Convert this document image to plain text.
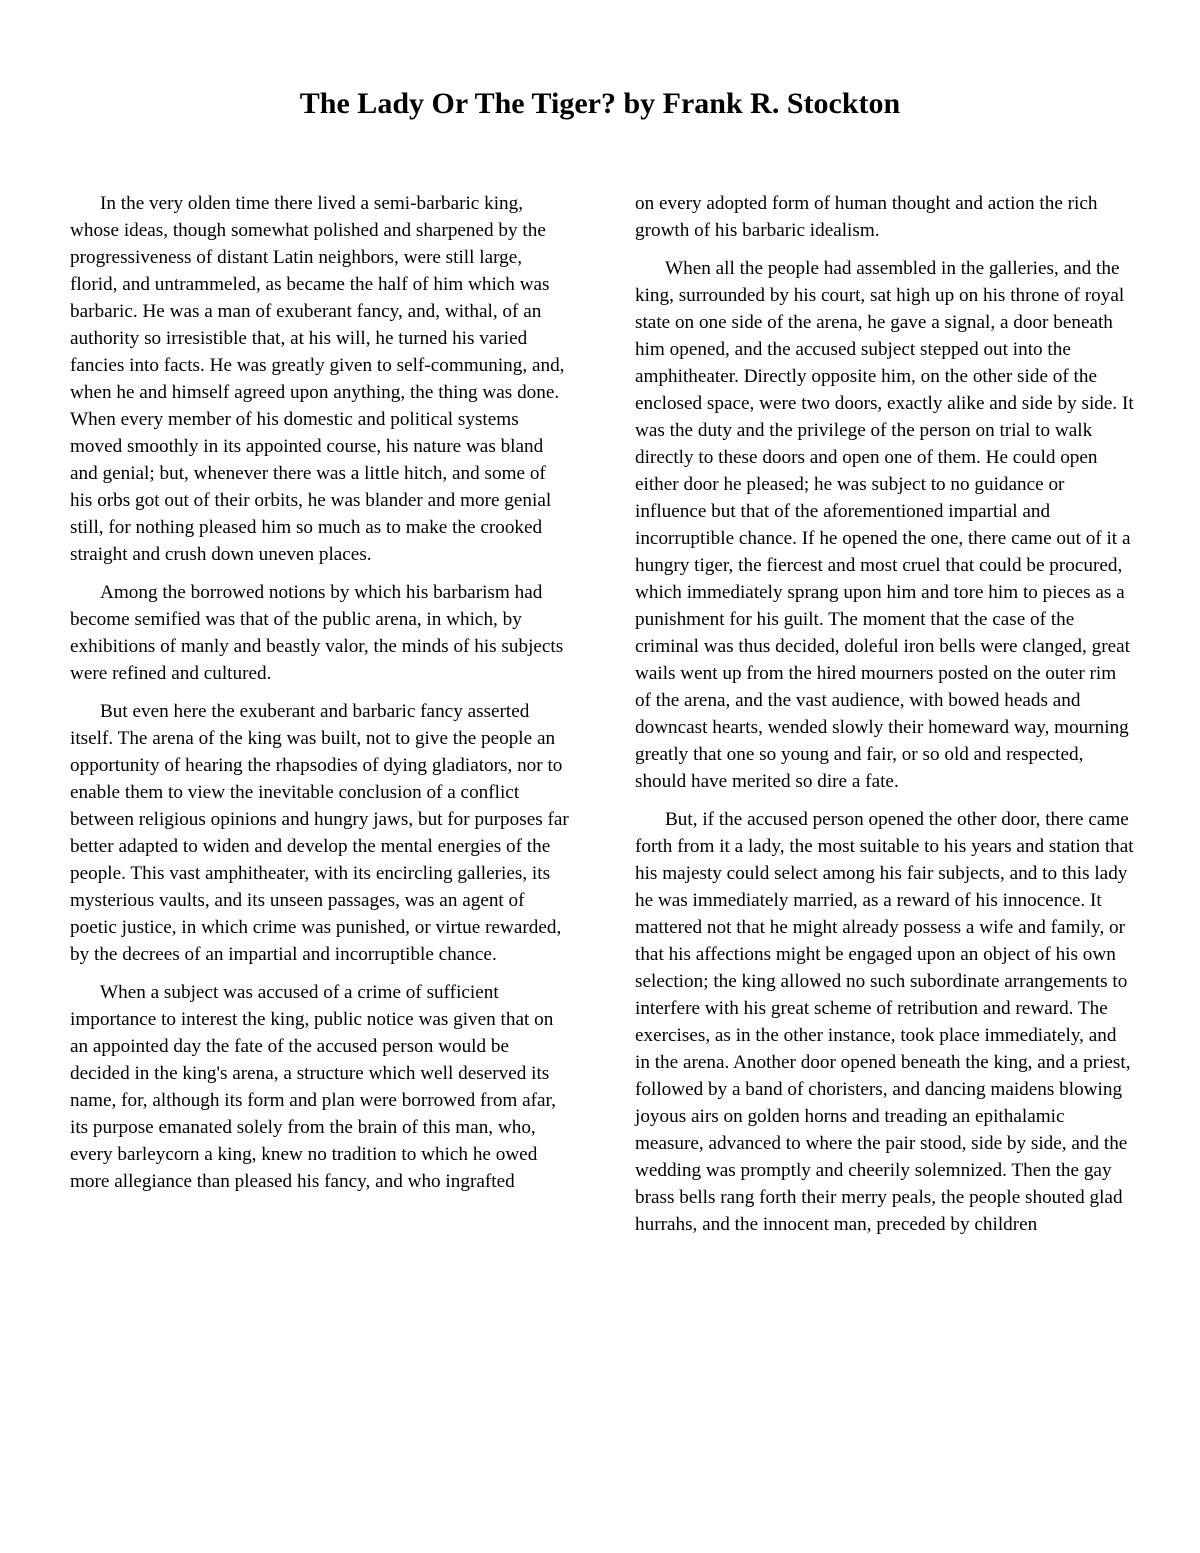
The Lady Or The Tiger? by Frank R. Stockton

In the very olden time there lived a semi-barbaric king, whose ideas, though somewhat polished and sharpened by the progressiveness of distant Latin neighbors, were still large, florid, and untrammeled, as became the half of him which was barbaric. He was a man of exuberant fancy, and, withal, of an authority so irresistible that, at his will, he turned his varied fancies into facts. He was greatly given to self-communing, and, when he and himself agreed upon anything, the thing was done. When every member of his domestic and political systems moved smoothly in its appointed course, his nature was bland and genial; but, whenever there was a little hitch, and some of his orbs got out of their orbits, he was blander and more genial still, for nothing pleased him so much as to make the crooked straight and crush down uneven places.

Among the borrowed notions by which his barbarism had become semified was that of the public arena, in which, by exhibitions of manly and beastly valor, the minds of his subjects were refined and cultured.

But even here the exuberant and barbaric fancy asserted itself. The arena of the king was built, not to give the people an opportunity of hearing the rhapsodies of dying gladiators, nor to enable them to view the inevitable conclusion of a conflict between religious opinions and hungry jaws, but for purposes far better adapted to widen and develop the mental energies of the people. This vast amphitheater, with its encircling galleries, its mysterious vaults, and its unseen passages, was an agent of poetic justice, in which crime was punished, or virtue rewarded, by the decrees of an impartial and incorruptible chance.

When a subject was accused of a crime of sufficient importance to interest the king, public notice was given that on an appointed day the fate of the accused person would be decided in the king's arena, a structure which well deserved its name, for, although its form and plan were borrowed from afar, its purpose emanated solely from the brain of this man, who, every barleycorn a king, knew no tradition to which he owed more allegiance than pleased his fancy, and who ingrafted

on every adopted form of human thought and action the rich growth of his barbaric idealism.

When all the people had assembled in the galleries, and the king, surrounded by his court, sat high up on his throne of royal state on one side of the arena, he gave a signal, a door beneath him opened, and the accused subject stepped out into the amphitheater. Directly opposite him, on the other side of the enclosed space, were two doors, exactly alike and side by side. It was the duty and the privilege of the person on trial to walk directly to these doors and open one of them. He could open either door he pleased; he was subject to no guidance or influence but that of the aforementioned impartial and incorruptible chance. If he opened the one, there came out of it a hungry tiger, the fiercest and most cruel that could be procured, which immediately sprang upon him and tore him to pieces as a punishment for his guilt. The moment that the case of the criminal was thus decided, doleful iron bells were clanged, great wails went up from the hired mourners posted on the outer rim of the arena, and the vast audience, with bowed heads and downcast hearts, wended slowly their homeward way, mourning greatly that one so young and fair, or so old and respected, should have merited so dire a fate.

But, if the accused person opened the other door, there came forth from it a lady, the most suitable to his years and station that his majesty could select among his fair subjects, and to this lady he was immediately married, as a reward of his innocence. It mattered not that he might already possess a wife and family, or that his affections might be engaged upon an object of his own selection; the king allowed no such subordinate arrangements to interfere with his great scheme of retribution and reward. The exercises, as in the other instance, took place immediately, and in the arena. Another door opened beneath the king, and a priest, followed by a band of choristers, and dancing maidens blowing joyous airs on golden horns and treading an epithalamic measure, advanced to where the pair stood, side by side, and the wedding was promptly and cheerily solemnized. Then the gay brass bells rang forth their merry peals, the people shouted glad hurrahs, and the innocent man, preceded by children
